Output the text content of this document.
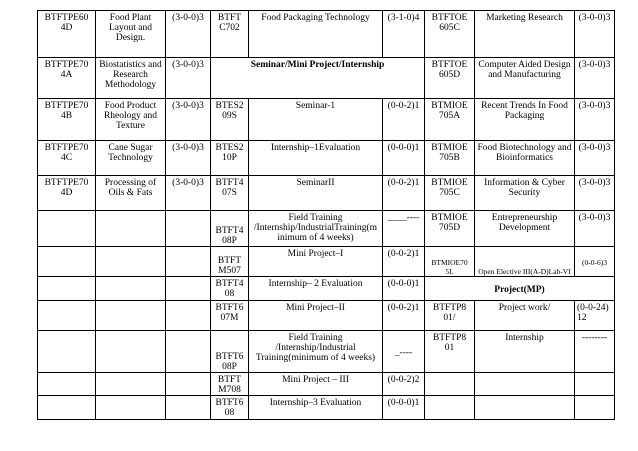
BTFTPE60 4D	Food Plant Layout and Design.	(3-0-0)3	BTFT C702	Food Packaging Technology	(3-1-0)4	BTFTOE 605C	Marketing Research	(3-0-0)3
BTFTPE70 4A	Biostatistics and Research Methodology	(3-0-0)3	Seminar/Mini Project/Internship			BTFTOE 605D	Computer Aided Design and Manufacturing	(3-0-0)3
BTFTPE70 4B	Food Product Rheology and Texture	(3-0-0)3	BTES2 09S	Seminar-1	(0-0-2)1	BTMIOE 705A	Recent Trends In Food Packaging	(3-0-0)3
BTFTPE70 4C	Cane Sugar Technology	(3-0-0)3	BTES2 10P	Internship–1Evaluation	(0-0-0)1	BTMIOE 705B	Food Biotechnology and Bioinformatics	(3-0-0)3
BTFTPE70 4D	Processing of Oils & Fats	(3-0-0)3	BTFT4 07S	SeminarII	(0-0-2)1	BTMIOE 705C	Information & Cyber Security	(3-0-0)3
			BTFT4 08P	Field Training /Internship/IndustrialTraining(m inimum of 4 weeks)	____----	BTMIOE 705D	Entrepreneurship Development	(3-0-0)3
			BTFT M507	Mini Project–I	(0-0-2)1	BTMIOE70 5L	Open Elective III(A-D)Lab-VI	(0-0-6)3
			BTFT4 08	Internship– 2 Evaluation	(0-0-0)1	Project(MP)		
			BTFT6 07M	Mini Project–II	(0-0-2)1	BTFTP8 01/	Project work/	(0-0-24) 12
			BTFT6 08P	Field Training /Internship/Industrial Training(minimum of 4 weeks)	_----	BTFTP8 01	Internship	--------
			BTFT M708	Mini Project – III	(0-0-2)2			
			BTFT6 08	Internship–3 Evaluation	(0-0-0)1			
